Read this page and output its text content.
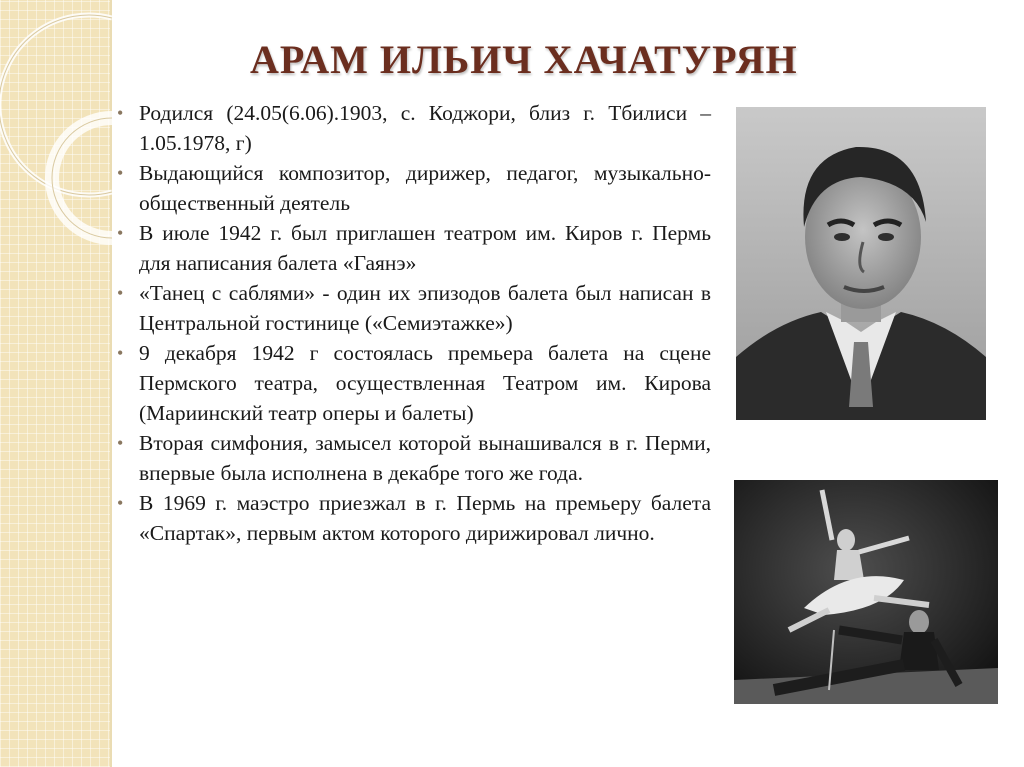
АРАМ ИЛЬИЧ ХАЧАТУРЯН
• Родился (24.05(6.06).1903, с. Коджори, близ г. Тбилиси – 1.05.1978, г)
• Выдающийся композитор, дирижер, педагог, музыкально-общественный деятель
• В июле 1942 г. был приглашен театром им. Киров г. Пермь для написания балета «Гаянэ»
• «Танец с саблями» - один их эпизодов балета был написан в Центральной гостинице («Семиэтажке»)
• 9 декабря 1942 г состоялась премьера балета на сцене Пермского театра, осуществленная Театром им. Кирова (Мариинский театр оперы и балеты)
• Вторая симфония, замысел которой вынашивался в г. Перми, впервые была исполнена в декабре того же года.
• В 1969 г. маэстро приезжал в г. Пермь на премьеру балета «Спартак», первым актом которого дирижировал лично.
